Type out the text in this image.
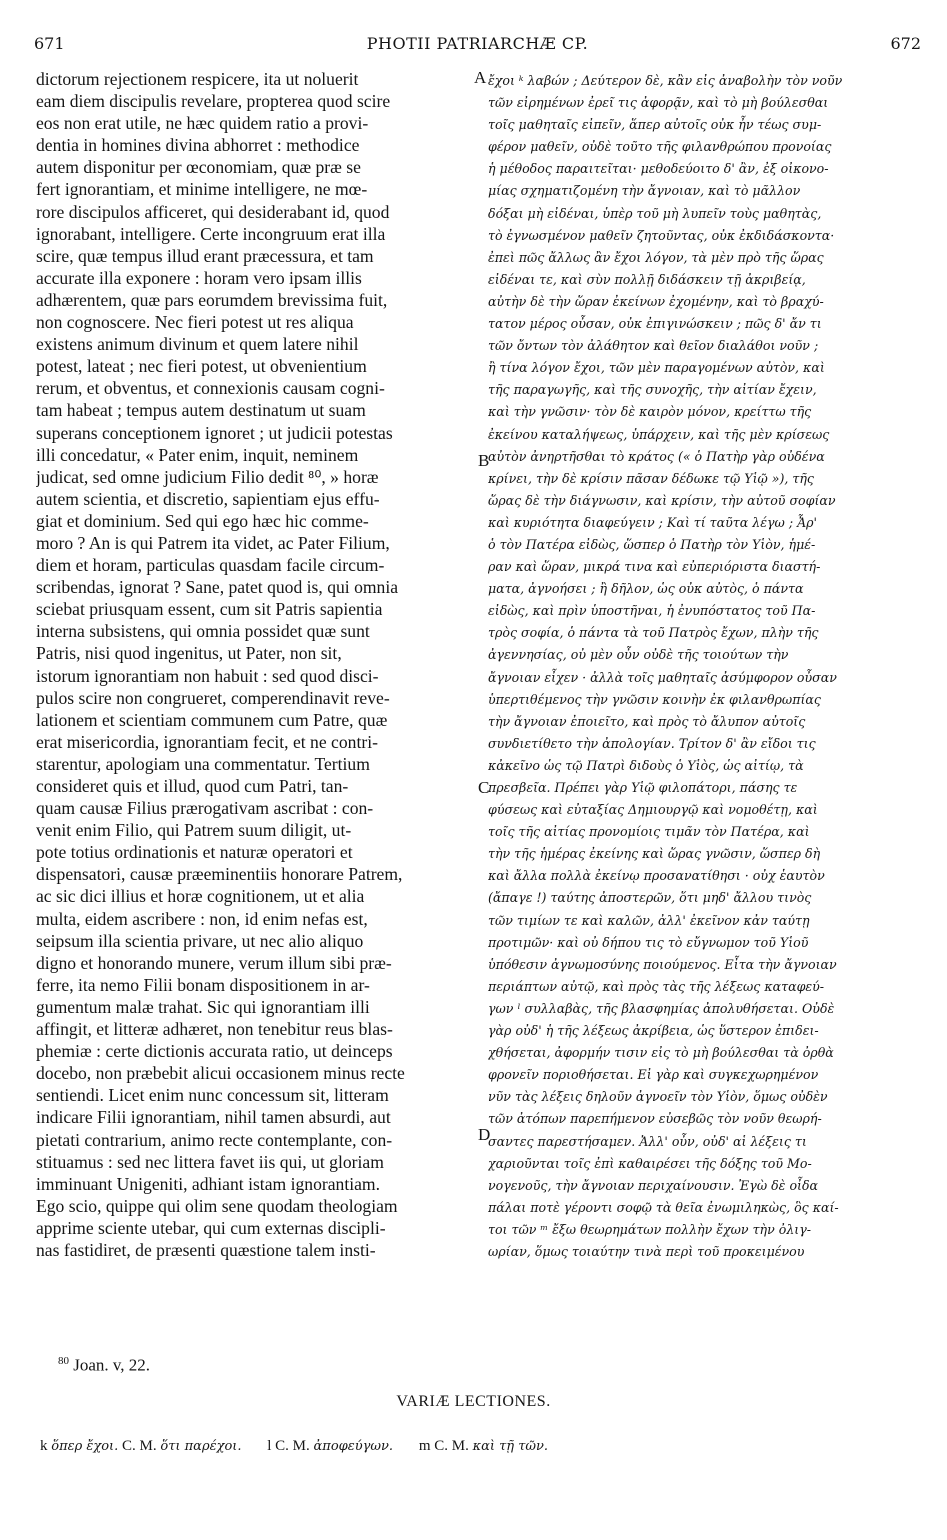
671	PHOTII PATRIARCHÆ CP.	672
dictorum rejectionem respicere, ita ut noluerit
eam diem discipulis revelare, propterea quod scire
eos non erat utile, ne hæc quidem ratio a provi-
dentia in homines divina abhorret : methodice
autem disponitur per œconomiam, quæ præ se
fert ignorantiam, et minime intelligere, ne mœ-
rore discipulos afficeret, qui desiderabant id, quod
ignorabant, intelligere. Certe incongruum erat illa
scire, quæ tempus illud erant præcessura, et tam
accurate illa exponere : horam vero ipsam illis
adhærentem, quæ pars eorumdem brevissima fuit,
non cognoscere. Nec fieri potest ut res aliqua
existens animum divinum et quem latere nihil
potest, lateat ; nec fieri potest, ut obvenientium
rerum, et obventus, et connexionis causam cogni-
tam habeat ; tempus autem destinatum ut suam
superans conceptionem ignoret ; ut judicii potestas
illi concedatur, « Pater enim, inquit, neminem
judicat, sed omne judicium Filio dedit ⁸⁰, » horæ
autem scientia, et discretio, sapientiam ejus effu-
giat et dominium. Sed qui ego hæc hic comme-
moro ? An is qui Patrem ita videt, ac Pater Filium,
diem et horam, particulas quasdam facile circum-
scribendas, ignorat ? Sane, patet quod is, qui omnia
sciebat priusquam essent, cum sit Patris sapientia
interna subsistens, qui omnia possidet quæ sunt
Patris, nisi quod ingenitus, ut Pater, non sit,
istorum ignorantiam non habuit : sed quod disci-
pulos scire non congrueret, comperendinavit reve-
lationem et scientiam communem cum Patre, quæ
erat misericordia, ignorantiam fecit, et ne contri-
starentur, apologiam una commentatur. Tertium
consideret quis et illud, quod cum Patri, tan-
quam causæ Filius prærogativam ascribat : con-
venit enim Filio, qui Patrem suum diligit, ut-
pote totius ordinationis et naturæ operatori et
dispensatori, causæ præeminentiis honorare Patrem,
ac sic dici illius et horæ cognitionem, ut et alia
multa, eidem ascribere : non, id enim nefas est,
seipsum illa scientia privare, ut nec alio aliquo
digno et honorando munere, verum illum sibi præ-
ferre, ita nemo Filii bonam dispositionem in ar-
gumentum malæ trahat. Sic qui ignorantiam illi
affingit, et litteræ adhæret, non tenebitur reus blas-
phemiæ : certe dictionis accurata ratio, ut deinceps
docebo, non præbebit alicui occasionem minus recte
sentiendi. Licet enim nunc concessum sit, litteram
indicare Filii ignorantiam, nihil tamen absurdi, aut
pietati contrarium, animo recte contemplante, con-
stituamus : sed nec littera favet iis qui, ut gloriam
imminuant Unigeniti, adhiant istam ignorantiam.
Ego scio, quippe qui olim sene quodam theologiam
apprime sciente utebar, qui cum externas discipli-
nas fastidiret, de præsenti quæstione talem insti-
A
B
C
D
ἔχοι ᵏ λαβών ; Δεύτερον δὲ, κἂν εἰς ἀναβολὴν τὸν νοῦν
τῶν εἰρημένων ἐρεῖ τις ἀφορᾷν, καὶ τὸ μὴ βούλεσθαι
τοῖς μαθηταῖς εἰπεῖν, ἅπερ αὐτοῖς οὐκ ἦν τέως συμ-
φέρον μαθεῖν, οὐδὲ τοῦτο τῆς φιλανθρώπου προνοίας
ἡ μέθοδος παραιτεῖται· μεθοδεύοιτο δ' ἂν, ἐξ οἰκονο-
μίας σχηματιζομένη τὴν ἄγνοιαν, καὶ τὸ μᾶλλον
δόξαι μὴ εἰδέναι, ὑπὲρ τοῦ μὴ λυπεῖν τοὺς μαθητὰς,
τὸ ἐγνωσμένον μαθεῖν ζητοῦντας, οὐκ ἐκδιδάσκοντα·
ἐπεὶ πῶς ἄλλως ἂν ἔχοι λόγον, τὰ μὲν πρὸ τῆς ὥρας
εἰδέναι τε, καὶ σὺν πολλῇ διδάσκειν τῇ ἀκριβείᾳ,
αὐτὴν δὲ τὴν ὥραν ἐκείνων ἐχομένην, καὶ τὸ βραχύ-
τατον μέρος οὖσαν, οὐκ ἐπιγινώσκειν ; πῶς δ' ἄν τι
τῶν ὄντων τὸν ἀλάθητον καὶ θεῖον διαλάθοι νοῦν ;
ἢ τίνα λόγον ἔχοι, τῶν μὲν παραγομένων αὐτὸν, καὶ
τῆς παραγωγῆς, καὶ τῆς συνοχῆς, τὴν αἰτίαν ἔχειν,
καὶ τὴν γνῶσιν· τὸν δὲ καιρὸν μόνον, κρείττω τῆς
ἐκείνου καταλήψεως, ὑπάρχειν, καὶ τῆς μὲν κρίσεως
αὐτὸν ἀνηρτῆσθαι τὸ κράτος (« ὁ Πατὴρ γὰρ οὐδένα
κρίνει, τὴν δὲ κρίσιν πᾶσαν δέδωκε τῷ Υἱῷ »), τῆς
ὥρας δὲ τὴν διάγνωσιν, καὶ κρίσιν, τὴν αὐτοῦ σοφίαν
καὶ κυριότητα διαφεύγειν ; Καὶ τί ταῦτα λέγω ; Ἆρ'
ὁ τὸν Πατέρα εἰδὼς, ὥσπερ ὁ Πατὴρ τὸν Υἱὸν, ἡμέ-
ραν καὶ ὥραν, μικρά τινα καὶ εὐπεριόριστα διαστή-
ματα, ἀγνοήσει ; ἢ δῆλον, ὡς οὐκ αὐτὸς, ὁ πάντα
εἰδὼς, καὶ πρὶν ὑποστῆναι, ἡ ἐνυπόστατος τοῦ Πα-
τρὸς σοφία, ὁ πάντα τὰ τοῦ Πατρὸς ἔχων, πλὴν τῆς
ἀγεννησίας, οὐ μὲν οὖν οὐδὲ τῆς τοιούτων τὴν
ἄγνοιαν εἶχεν · ἀλλὰ τοῖς μαθηταῖς ἀσύμφορον οὖσαν
ὑπερτιθέμενος τὴν γνῶσιν κοινὴν ἐκ φιλανθρωπίας
τὴν ἄγνοιαν ἐποιεῖτο, καὶ πρὸς τὸ ἄλυπον αὐτοῖς
συνδιετίθετο τὴν ἀπολογίαν. Τρίτον δ' ἂν εἴδοι τις
κἀκεῖνο ὡς τῷ Πατρὶ διδοὺς ὁ Υἱὸς, ὡς αἰτίῳ, τὰ
πρεσβεῖα. Πρέπει γὰρ Υἱῷ φιλοπάτορι, πάσης τε
φύσεως καὶ εὐταξίας Δημιουργῷ καὶ νομοθέτῃ, καὶ
τοῖς τῆς αἰτίας προνομίοις τιμᾶν τὸν Πατέρα, καὶ
τὴν τῆς ἡμέρας ἐκείνης καὶ ὥρας γνῶσιν, ὥσπερ δὴ
καὶ ἄλλα πολλὰ ἐκείνῳ προσανατίθησι · οὐχ ἑαυτὸν
(ἄπαγε !) ταύτης ἀποστερῶν, ὅτι μηδ' ἄλλου τινὸς
τῶν τιμίων τε καὶ καλῶν, ἀλλ' ἐκεῖνον κἀν ταύτῃ
προτιμῶν· καὶ οὐ δήπου τις τὸ εὔγνωμον τοῦ Υἱοῦ
ὑπόθεσιν ἀγνωμοσύνης ποιούμενος. Εἶτα τὴν ἄγνοιαν
περιάπτων αὐτῷ, καὶ πρὸς τὰς τῆς λέξεως καταφεύ-
γων ˡ συλλαβὰς, τῆς βλασφημίας ἀπολυθήσεται. Οὐδὲ
γὰρ οὐδ' ἡ τῆς λέξεως ἀκρίβεια, ὡς ὕστερον ἐπιδει-
χθήσεται, ἀφορμήν τισιν εἰς τὸ μὴ βούλεσθαι τὰ ὀρθὰ
φρονεῖν ποριοθήσεται. Εἰ γὰρ καὶ συγκεχωρημένον
νῦν τὰς λέξεις δηλοῦν ἀγνοεῖν τὸν Υἱὸν, ὅμως οὐδὲν
τῶν ἀτόπων παρεπήμενον εὐσεβῶς τὸν νοῦν θεωρή-
σαντες παρεστήσαμεν. Ἀλλ' οὖν, οὐδ' αἱ λέξεις τι
χαριοῦνται τοῖς ἐπὶ καθαιρέσει τῆς δόξης τοῦ Μο-
νογενοῦς, τὴν ἄγνοιαν περιχαίνουσιν. Ἐγὼ δὲ οἶδα
πάλαι ποτὲ γέροντι σοφῷ τὰ θεῖα ἐνωμιληκὼς, ὃς καί-
τοι τῶν ᵐ ἔξω θεωρημάτων πολλὴν ἔχων τὴν ὀλιγ-
ωρίαν, ὅμως τοιαύτην τινὰ περὶ τοῦ προκειμένου
$^{80}$ Joan. v, 22.
VARIÆ LECTIONES.
k ὅπερ ἔχοι. C. M. ὅτι παρέχοι. l C. M. ἀποφεύγων. m C. M. καὶ τῇ τῶν.
